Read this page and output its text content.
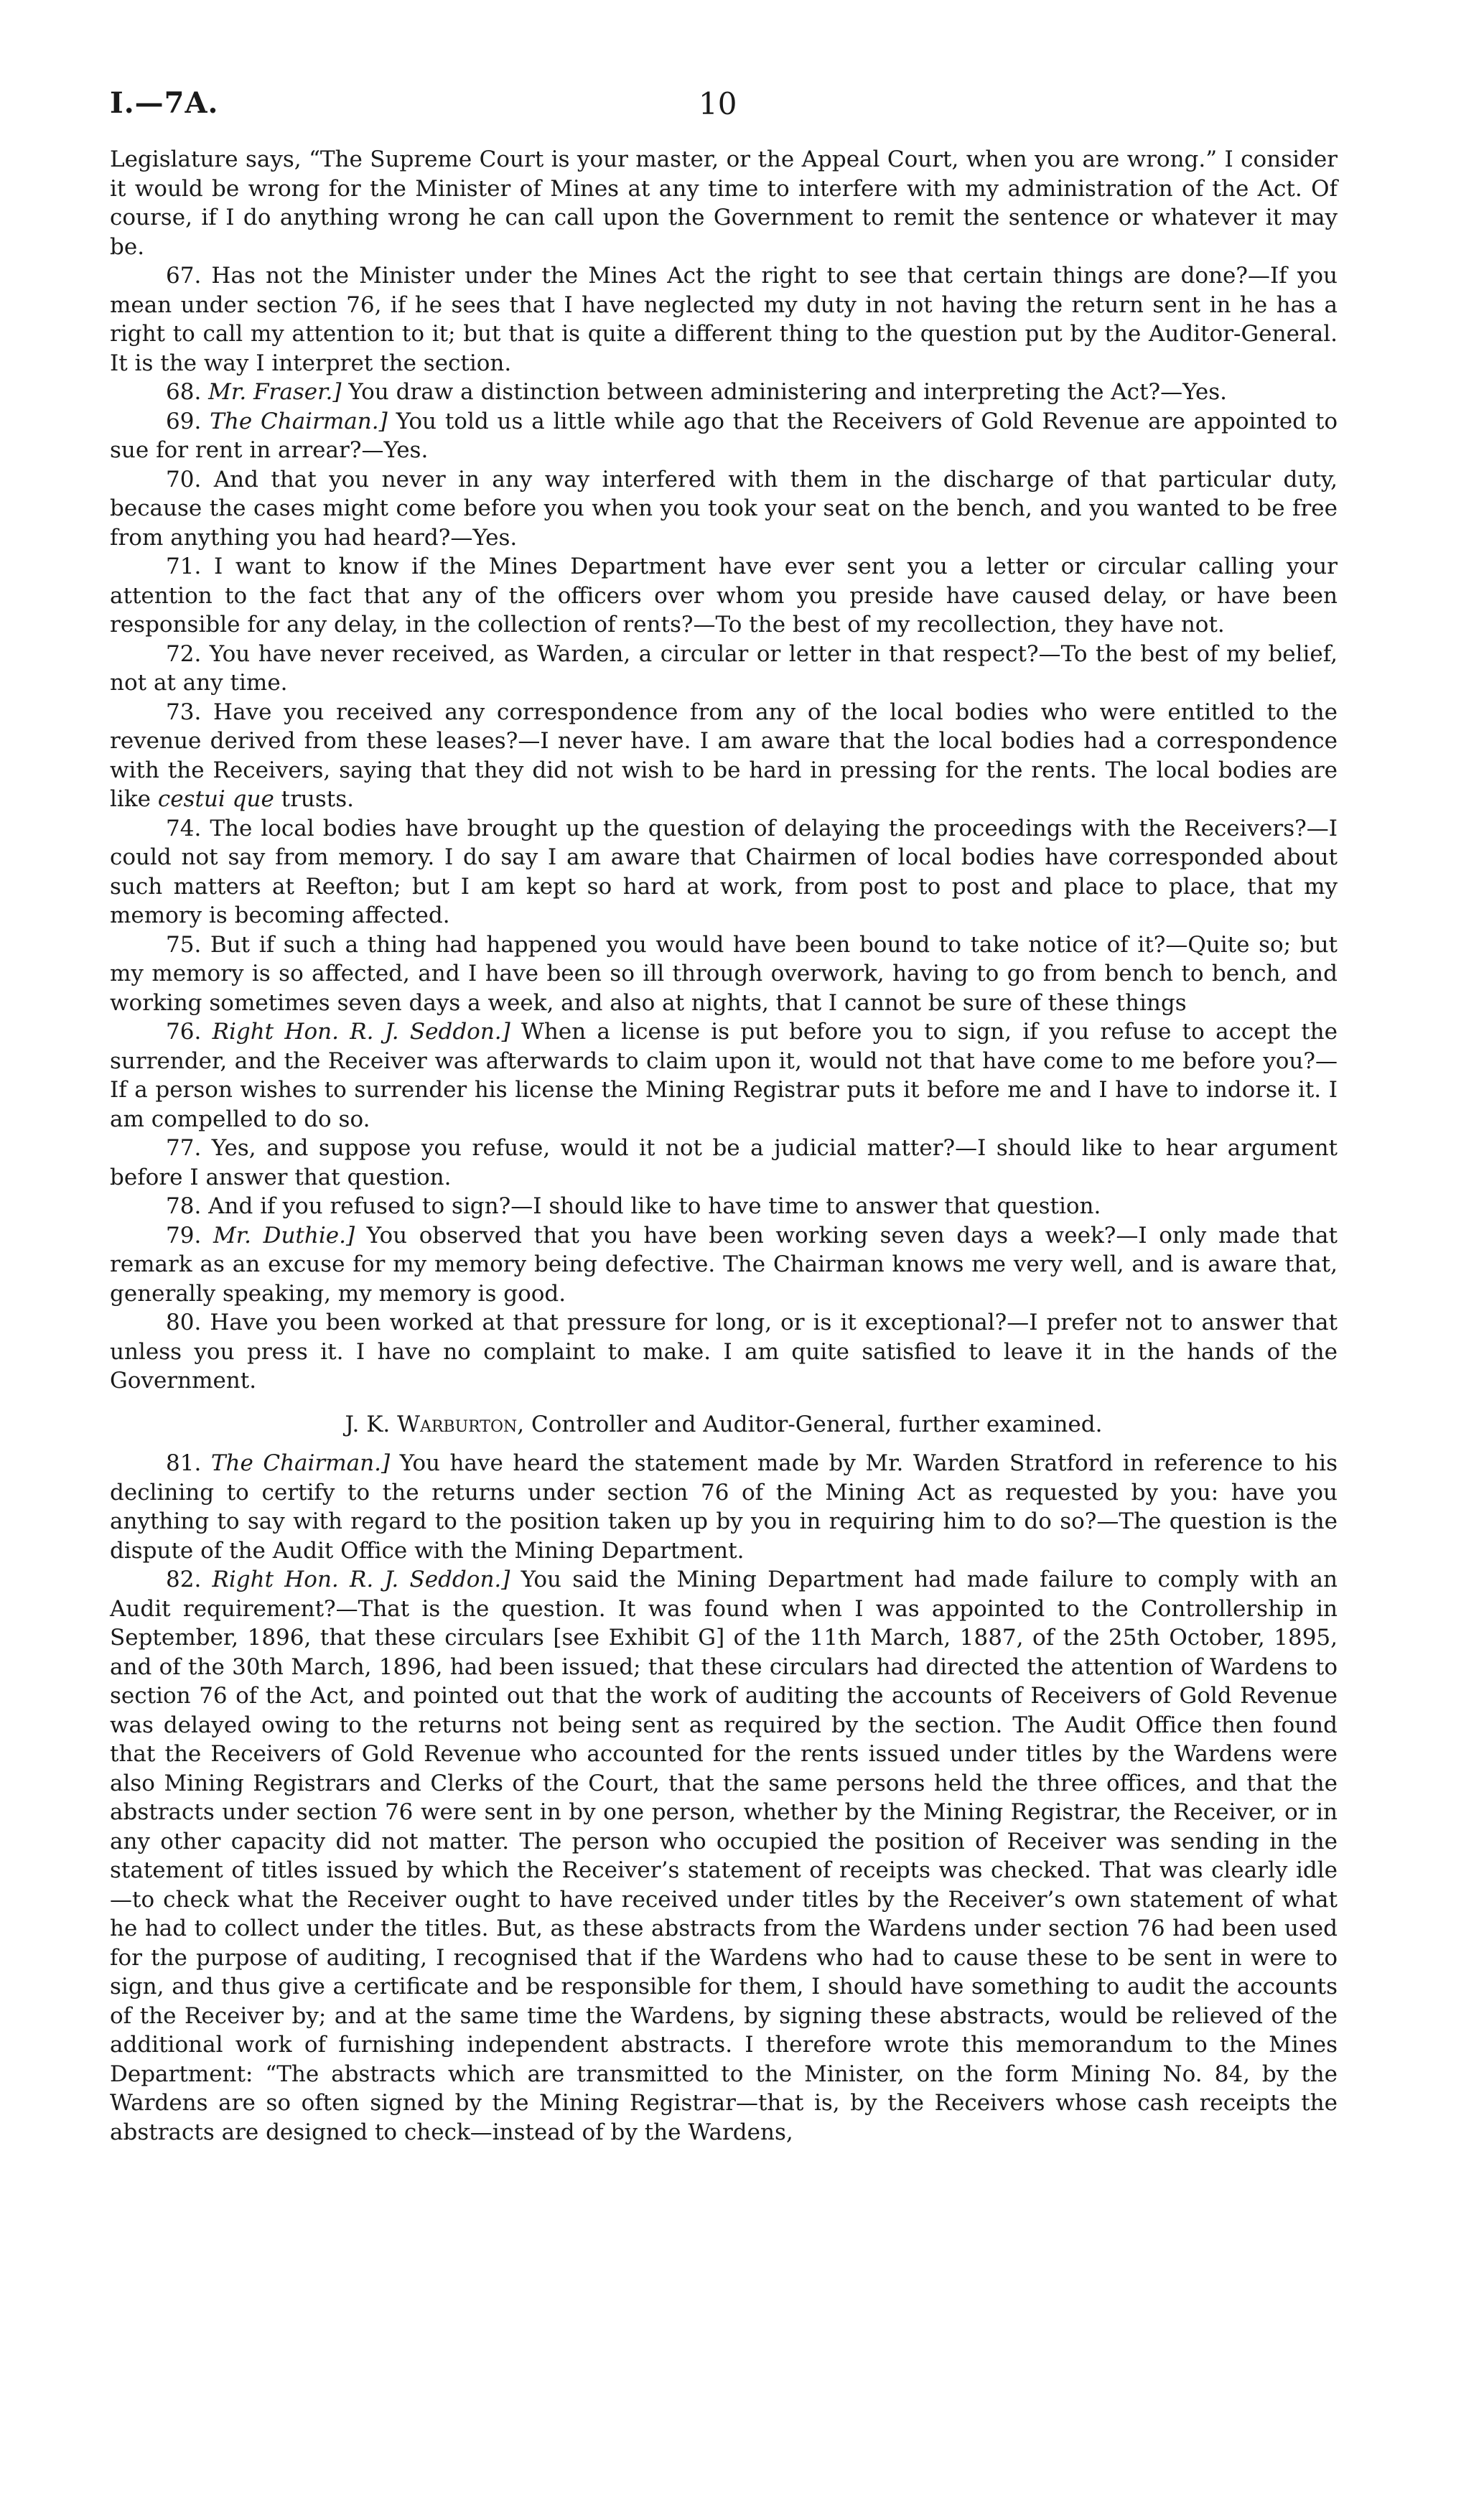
I.—7A.	10

Legislature says, “The Supreme Court is your master, or the Appeal Court, when you are wrong.” I consider it would be wrong for the Minister of Mines at any time to interfere with my administration of the Act. Of course, if I do anything wrong he can call upon the Government to remit the sentence or whatever it may be.

67. Has not the Minister under the Mines Act the right to see that certain things are done?—If you mean under section 76, if he sees that I have neglected my duty in not having the return sent in he has a right to call my attention to it; but that is quite a different thing to the question put by the Auditor-General. It is the way I interpret the section.

68. Mr. Fraser.] You draw a distinction between administering and interpreting the Act?—Yes.

69. The Chairman.] You told us a little while ago that the Receivers of Gold Revenue are appointed to sue for rent in arrear?—Yes.

70. And that you never in any way interfered with them in the discharge of that particular duty, because the cases might come before you when you took your seat on the bench, and you wanted to be free from anything you had heard?—Yes.

71. I want to know if the Mines Department have ever sent you a letter or circular calling your attention to the fact that any of the officers over whom you preside have caused delay, or have been responsible for any delay, in the collection of rents?—To the best of my recollection, they have not.

72. You have never received, as Warden, a circular or letter in that respect?—To the best of my belief, not at any time.

73. Have you received any correspondence from any of the local bodies who were entitled to the revenue derived from these leases?—I never have. I am aware that the local bodies had a correspondence with the Receivers, saying that they did not wish to be hard in pressing for the rents. The local bodies are like cestui que trusts.

74. The local bodies have brought up the question of delaying the proceedings with the Receivers?—I could not say from memory. I do say I am aware that Chairmen of local bodies have corresponded about such matters at Reefton; but I am kept so hard at work, from post to post and place to place, that my memory is becoming affected.

75. But if such a thing had happened you would have been bound to take notice of it?—Quite so; but my memory is so affected, and I have been so ill through overwork, having to go from bench to bench, and working sometimes seven days a week, and also at nights, that I cannot be sure of these things

76. Right Hon. R. J. Seddon.] When a license is put before you to sign, if you refuse to accept the surrender, and the Receiver was afterwards to claim upon it, would not that have come to me before you?—If a person wishes to surrender his license the Mining Registrar puts it before me and I have to indorse it. I am compelled to do so.

77. Yes, and suppose you refuse, would it not be a judicial matter?—I should like to hear argument before I answer that question.

78. And if you refused to sign?—I should like to have time to answer that question.

79. Mr. Duthie.] You observed that you have been working seven days a week?—I only made that remark as an excuse for my memory being defective. The Chairman knows me very well, and is aware that, generally speaking, my memory is good.

80. Have you been worked at that pressure for long, or is it exceptional?—I prefer not to answer that unless you press it. I have no complaint to make. I am quite satisfied to leave it in the hands of the Government.

J. K. Warburton, Controller and Auditor-General, further examined.

81. The Chairman.] You have heard the statement made by Mr. Warden Stratford in reference to his declining to certify to the returns under section 76 of the Mining Act as requested by you: have you anything to say with regard to the position taken up by you in requiring him to do so?—The question is the dispute of the Audit Office with the Mining Department.

82. Right Hon. R. J. Seddon.] You said the Mining Department had made failure to comply with an Audit requirement?—That is the question. It was found when I was appointed to the Controllership in September, 1896, that these circulars [see Exhibit G] of the 11th March, 1887, of the 25th October, 1895, and of the 30th March, 1896, had been issued; that these circulars had directed the attention of Wardens to section 76 of the Act, and pointed out that the work of auditing the accounts of Receivers of Gold Revenue was delayed owing to the returns not being sent as required by the section. The Audit Office then found that the Receivers of Gold Revenue who accounted for the rents issued under titles by the Wardens were also Mining Registrars and Clerks of the Court, that the same persons held the three offices, and that the abstracts under section 76 were sent in by one person, whether by the Mining Registrar, the Receiver, or in any other capacity did not matter. The person who occupied the position of Receiver was sending in the statement of titles issued by which the Receiver’s statement of receipts was checked. That was clearly idle—to check what the Receiver ought to have received under titles by the Receiver’s own statement of what he had to collect under the titles. But, as these abstracts from the Wardens under section 76 had been used for the purpose of auditing, I recognised that if the Wardens who had to cause these to be sent in were to sign, and thus give a certificate and be responsible for them, I should have something to audit the accounts of the Receiver by; and at the same time the Wardens, by signing these abstracts, would be relieved of the additional work of furnishing independent abstracts. I therefore wrote this memorandum to the Mines Department: “The abstracts which are transmitted to the Minister, on the form Mining No. 84, by the Wardens are so often signed by the Mining Registrar—that is, by the Receivers whose cash receipts the abstracts are designed to check—instead of by the Wardens,
